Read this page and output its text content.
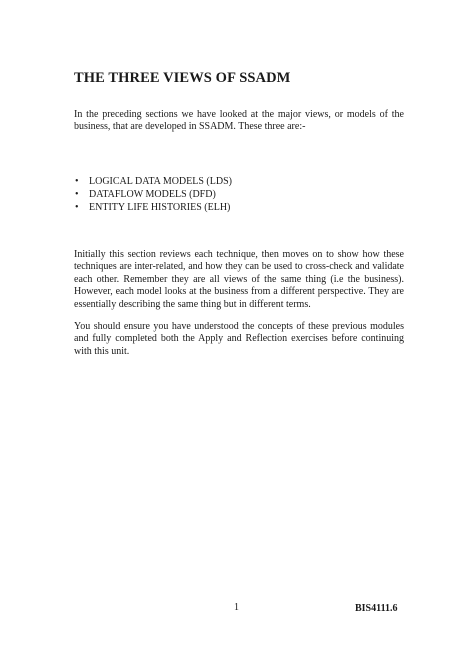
THE THREE VIEWS OF SSADM

In the preceding sections we have looked at the major views, or models of the business, that are developed in SSADM. These three are:-

• LOGICAL DATA MODELS (LDS)
• DATAFLOW MODELS (DFD)
• ENTITY LIFE HISTORIES (ELH)

Initially this section reviews each technique, then moves on to show how these techniques are inter-related, and how they can be used to cross-check and validate each other. Remember they are all views of the same thing (i.e the business). However, each model looks at the business from a different perspective. They are essentially describing the same thing but in different terms.

You should ensure you have understood the concepts of these previous modules and fully completed both the Apply and Reflection exercises before continuing with this unit.

1	BIS4111.6
